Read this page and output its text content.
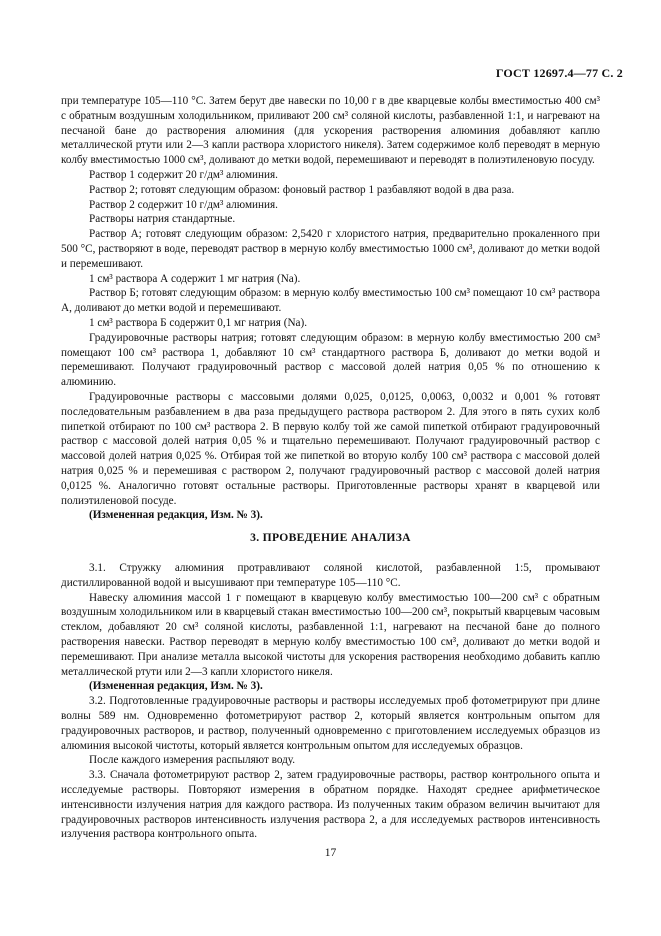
ГОСТ 12697.4—77 С. 2

при температуре 105—110 °С. Затем берут две навески по 10,00 г в две кварцевые колбы вместимостью 400 см³ с обратным воздушным холодильником, приливают 200 см³ соляной кислоты, разбавленной 1:1, и нагревают на песчаной бане до растворения алюминия (для ускорения растворения алюминия добавляют каплю металлической ртути или 2—3 капли раствора хлористого никеля). Затем содержимое колб переводят в мерную колбу вместимостью 1000 см³, доливают до метки водой, перемешивают и переводят в полиэтиленовую посуду.

Раствор 1 содержит 20 г/дм³ алюминия.

Раствор 2; готовят следующим образом: фоновый раствор 1 разбавляют водой в два раза.

Раствор 2 содержит 10 г/дм³ алюминия.

Растворы натрия стандартные.

Раствор А; готовят следующим образом: 2,5420 г хлористого натрия, предварительно прокаленного при 500 °С, растворяют в воде, переводят раствор в мерную колбу вместимостью 1000 см³, доливают до метки водой и перемешивают.

1 см³ раствора А содержит 1 мг натрия (Na).

Раствор Б; готовят следующим образом: в мерную колбу вместимостью 100 см³ помещают 10 см³ раствора А, доливают до метки водой и перемешивают.

1 см³ раствора Б содержит 0,1 мг натрия (Na).

Градуировочные растворы натрия; готовят следующим образом: в мерную колбу вместимостью 200 см³ помещают 100 см³ раствора 1, добавляют 10 см³ стандартного раствора Б, доливают до метки водой и перемешивают. Получают градуировочный раствор с массовой долей натрия 0,05 % по отношению к алюминию.

Градуировочные растворы с массовыми долями 0,025, 0,0125, 0,0063, 0,0032 и 0,001 % готовят последовательным разбавлением в два раза предыдущего раствора раствором 2. Для этого в пять сухих колб пипеткой отбирают по 100 см³ раствора 2. В первую колбу той же самой пипеткой отбирают градуировочный раствор с массовой долей натрия 0,05 % и тщательно перемешивают. Получают градуировочный раствор с массовой долей натрия 0,025 %. Отбирая той же пипеткой во вторую колбу 100 см³ раствора с массовой долей натрия 0,025 % и перемешивая с раствором 2, получают градуировочный раствор с массовой долей натрия 0,0125 %. Аналогично готовят остальные растворы. Приготовленные растворы хранят в кварцевой или полиэтиленовой посуде.

(Измененная редакция, Изм. № 3).

3. ПРОВЕДЕНИЕ АНАЛИЗА

3.1. Стружку алюминия протравливают соляной кислотой, разбавленной 1:5, промывают дистиллированной водой и высушивают при температуре 105—110 °С.

Навеску алюминия массой 1 г помещают в кварцевую колбу вместимостью 100—200 см³ с обратным воздушным холодильником или в кварцевый стакан вместимостью 100—200 см³, покрытый кварцевым часовым стеклом, добавляют 20 см³ соляной кислоты, разбавленной 1:1, нагревают на песчаной бане до полного растворения навески. Раствор переводят в мерную колбу вместимостью 100 см³, доливают до метки водой и перемешивают. При анализе металла высокой чистоты для ускорения растворения необходимо добавить каплю металлической ртути или 2—3 капли хлористого никеля.

(Измененная редакция, Изм. № 3).

3.2. Подготовленные градуировочные растворы и растворы исследуемых проб фотометрируют при длине волны 589 нм. Одновременно фотометрируют раствор 2, который является контрольным опытом для градуировочных растворов, и раствор, полученный одновременно с приготовлением исследуемых образцов из алюминия высокой чистоты, который является контрольным опытом для исследуемых образцов.

После каждого измерения распыляют воду.

3.3. Сначала фотометрируют раствор 2, затем градуировочные растворы, раствор контрольного опыта и исследуемые растворы. Повторяют измерения в обратном порядке. Находят среднее арифметическое интенсивности излучения натрия для каждого раствора. Из полученных таким образом величин вычитают для градуировочных растворов интенсивность излучения раствора 2, а для исследуемых растворов интенсивность излучения раствора контрольного опыта.

17
